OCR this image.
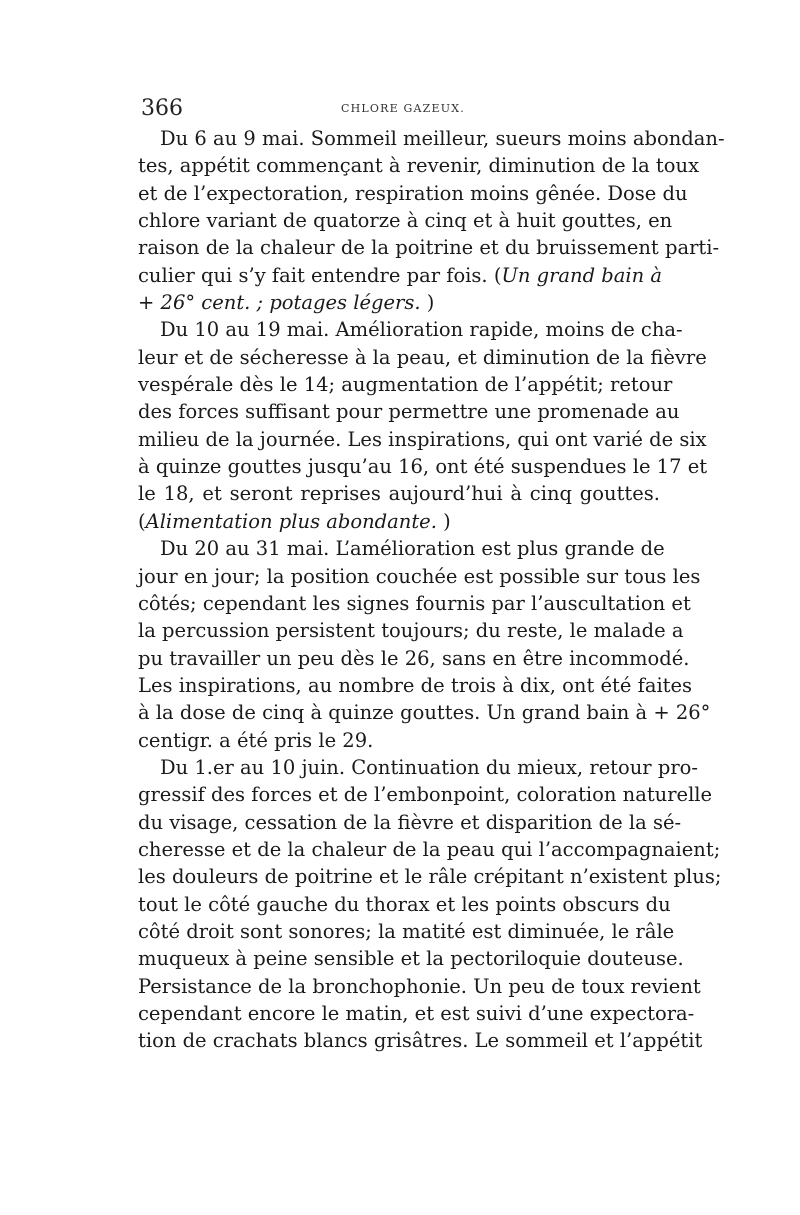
366	CHLORE GAZEUX.
Du 6 au 9 mai. Sommeil meilleur, sueurs moins abondan-
tes, appétit commençant à revenir, diminution de la toux
et de l’expectoration, respiration moins gênée. Dose du
chlore variant de quatorze à cinq et à huit gouttes, en
raison de la chaleur de la poitrine et du bruissement parti-
culier qui s’y fait entendre par fois. (Un grand bain à
+ 26° cent. ; potages légers. )
Du 10 au 19 mai. Amélioration rapide, moins de cha-
leur et de sécheresse à la peau, et diminution de la fièvre
vespérale dès le 14; augmentation de l’appétit; retour
des forces suffisant pour permettre une promenade au
milieu de la journée. Les inspirations, qui ont varié de six
à quinze gouttes jusqu’au 16, ont été suspendues le 17 et
le 18, et seront reprises aujourd’hui à cinq gouttes.
(Alimentation plus abondante. )
Du 20 au 31 mai. L’amélioration est plus grande de
jour en jour; la position couchée est possible sur tous les
côtés; cependant les signes fournis par l’auscultation et
la percussion persistent toujours; du reste, le malade a
pu travailler un peu dès le 26, sans en être incommodé.
Les inspirations, au nombre de trois à dix, ont été faites
à la dose de cinq à quinze gouttes. Un grand bain à + 26°
centigr. a été pris le 29.
Du 1.er au 10 juin. Continuation du mieux, retour pro-
gressif des forces et de l’embonpoint, coloration naturelle
du visage, cessation de la fièvre et disparition de la sé-
cheresse et de la chaleur de la peau qui l’accompagnaient;
les douleurs de poitrine et le râle crépitant n’existent plus;
tout le côté gauche du thorax et les points obscurs du
côté droit sont sonores; la matité est diminuée, le râle
muqueux à peine sensible et la pectoriloquie douteuse.
Persistance de la bronchophonie. Un peu de toux revient
cependant encore le matin, et est suivi d’une expectora-
tion de crachats blancs grisâtres. Le sommeil et l’appétit
